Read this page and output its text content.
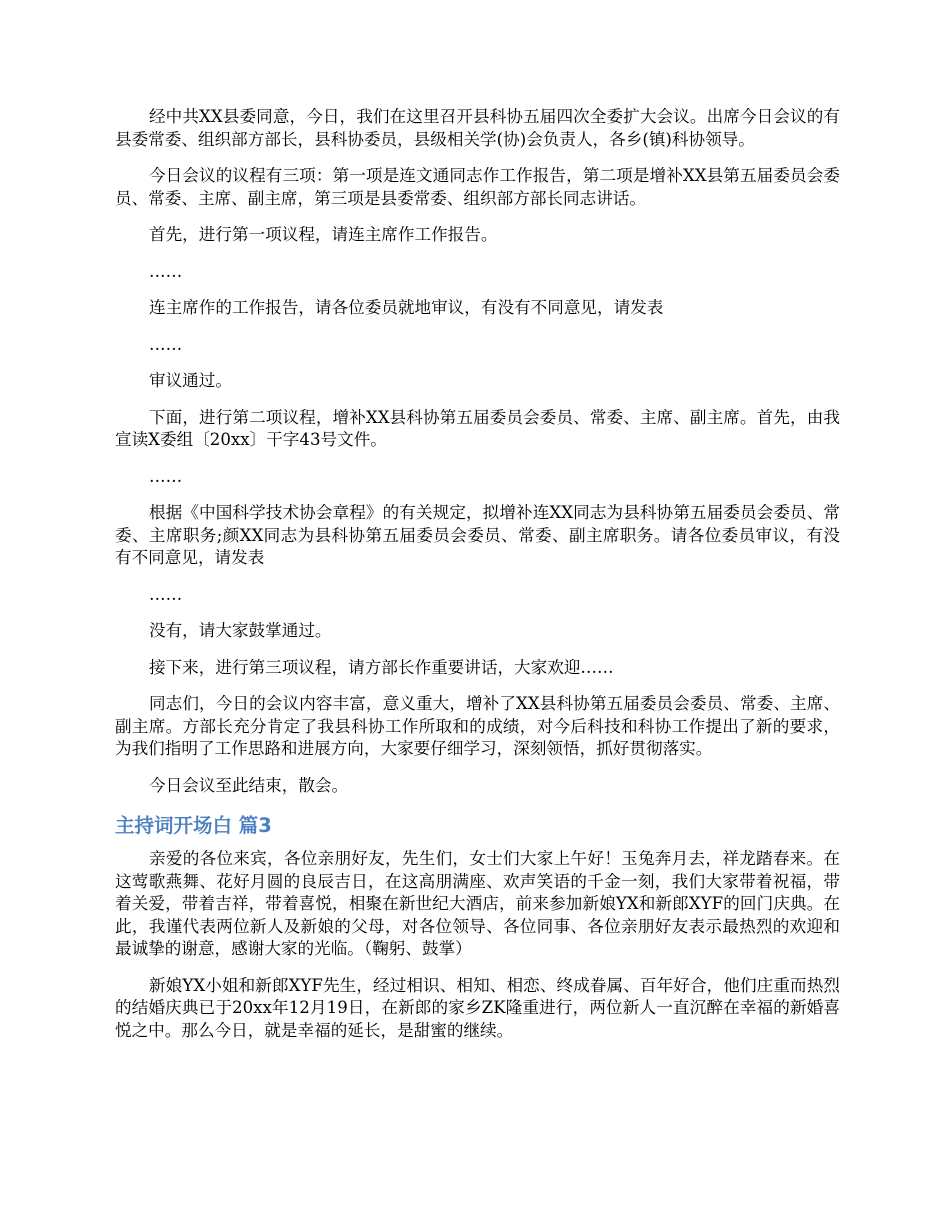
经中共XX县委同意，今日，我们在这里召开县科协五届四次全委扩大会议。出席今日会议的有县委常委、组织部方部长，县科协委员，县级相关学(协)会负责人，各乡(镇)科协领导。

今日会议的议程有三项：第一项是连文通同志作工作报告，第二项是增补XX县第五届委员会委员、常委、主席、副主席，第三项是县委常委、组织部方部长同志讲话。

首先，进行第一项议程，请连主席作工作报告。

……

连主席作的工作报告，请各位委员就地审议，有没有不同意见，请发表

……

审议通过。

下面，进行第二项议程，增补XX县科协第五届委员会委员、常委、主席、副主席。首先，由我宣读X委组〔20xx〕干字43号文件。

……

根据《中国科学技术协会章程》的有关规定，拟增补连XX同志为县科协第五届委员会委员、常委、主席职务;颜XX同志为县科协第五届委员会委员、常委、副主席职务。请各位委员审议，有没有不同意见，请发表

……

没有，请大家鼓掌通过。

接下来，进行第三项议程，请方部长作重要讲话，大家欢迎……

同志们，今日的会议内容丰富，意义重大，增补了XX县科协第五届委员会委员、常委、主席、副主席。方部长充分肯定了我县科协工作所取和的成绩，对今后科技和科协工作提出了新的要求，为我们指明了工作思路和进展方向，大家要仔细学习，深刻领悟，抓好贯彻落实。

今日会议至此结束，散会。

主持词开场白 篇3

亲爱的各位来宾，各位亲朋好友，先生们，女士们大家上午好！玉兔奔月去，祥龙踏春来。在这莺歌燕舞、花好月圆的良辰吉日，在这高朋满座、欢声笑语的千金一刻，我们大家带着祝福，带着关爱，带着吉祥，带着喜悦，相聚在新世纪大酒店，前来参加新娘YX和新郎XYF的回门庆典。在此，我谨代表两位新人及新娘的父母，对各位领导、各位同事、各位亲朋好友表示最热烈的欢迎和最诚挚的谢意，感谢大家的光临。（鞠躬、鼓掌）

新娘YX小姐和新郎XYF先生，经过相识、相知、相恋、终成眷属、百年好合，他们庄重而热烈的结婚庆典已于20xx年12月19日，在新郎的家乡ZK隆重进行，两位新人一直沉醉在幸福的新婚喜悦之中。那么今日，就是幸福的延长，是甜蜜的继续。
